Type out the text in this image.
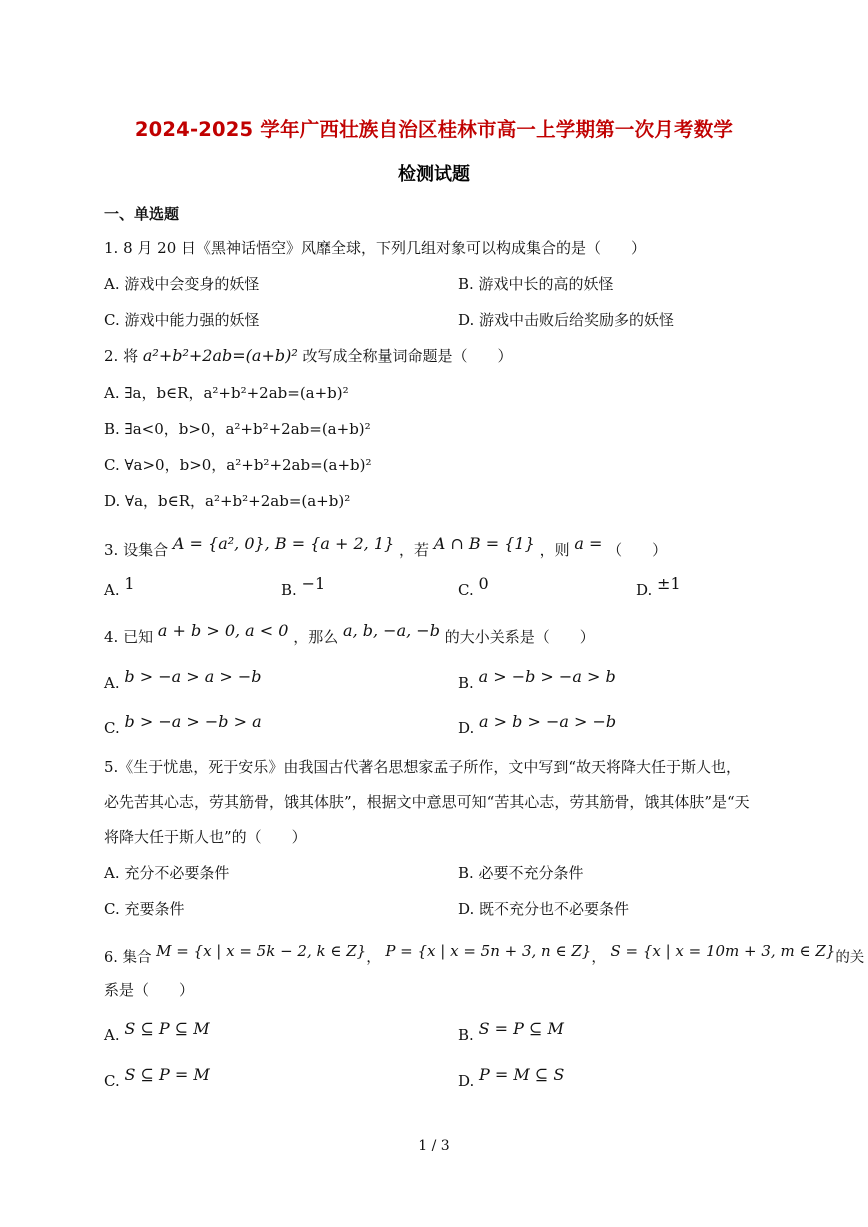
2024-2025 学年广西壮族自治区桂林市高一上学期第一次月考数学
检测试题
一、单选题
1. 8 月 20 日《黑神话悟空》风靡全球，下列几组对象可以构成集合的是（　　）
A. 游戏中会变身的妖怪	B. 游戏中长的高的妖怪
C. 游戏中能力强的妖怪	D. 游戏中击败后给奖励多的妖怪
2. 将 a²+b²+2ab=(a+b)² 改写成全称量词命题是（　　）
A. ∃a，b∈R，a²+b²+2ab=(a+b)²
B. ∃a<0，b>0，a²+b²+2ab=(a+b)²
C. ∀a>0，b>0，a²+b²+2ab=(a+b)²
D. ∀a，b∈R，a²+b²+2ab=(a+b)²
3. 设集合 A = {a², 0}, B = {a + 2, 1} ，若 A ∩ B = {1} ，则 a = （　　）
A. 1	B. −1	C. 0	D. ±1
4. 已知 a + b > 0, a < 0 ，那么 a, b, −a, −b 的大小关系是（　　）
A. b > −a > a > −b	B. a > −b > −a > b
C. b > −a > −b > a	D. a > b > −a > −b
5.《生于忧患，死于安乐》由我国古代著名思想家孟子所作，文中写到“故天将降大任于斯人也，
必先苦其心志，劳其筋骨，饿其体肤”，根据文中意思可知“苦其心志，劳其筋骨，饿其体肤”是“天
将降大任于斯人也”的（　　）
A. 充分不必要条件	B. 必要不充分条件
C. 充要条件	D. 既不充分也不必要条件
6. 集合 M = {x | x = 5k − 2, k ∈ Z}， P = {x | x = 5n + 3, n ∈ Z}， S = {x | x = 10m + 3, m ∈ Z}的关
系是（　　）
A. S ⊆ P ⊆ M	B. S = P ⊆ M
C. S ⊆ P = M	D. P = M ⊆ S
1 / 3
